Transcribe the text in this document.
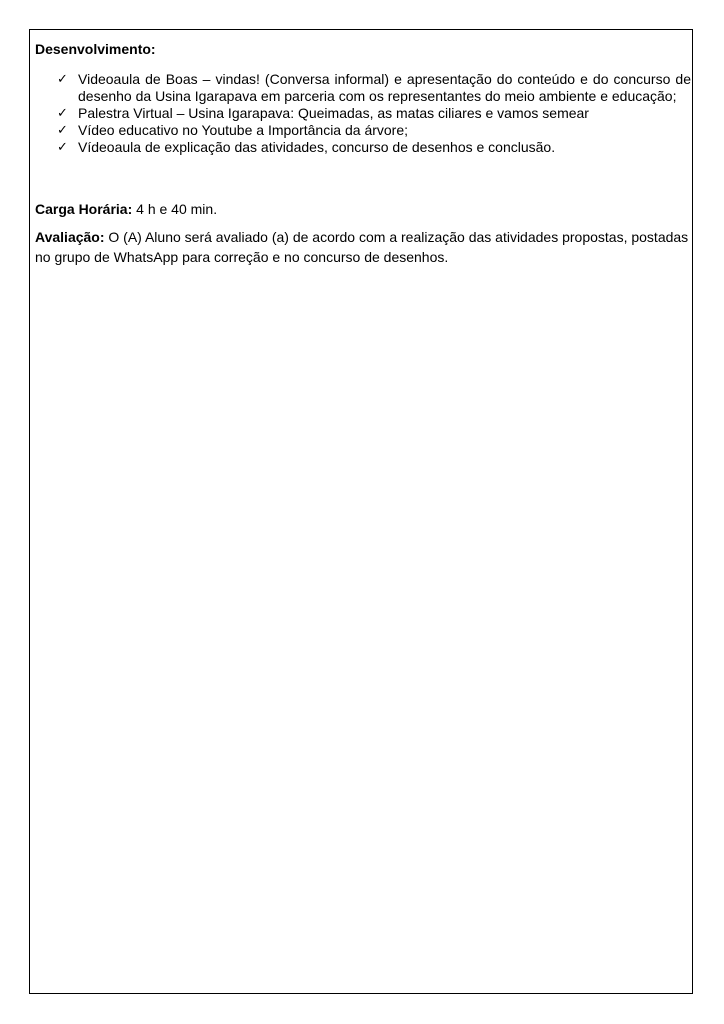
Desenvolvimento:

✓ Videoaula de Boas – vindas! (Conversa informal) e apresentação do conteúdo e do concurso de desenho da Usina Igarapava em parceria com os representantes do meio ambiente e educação;
✓ Palestra Virtual – Usina Igarapava: Queimadas, as matas ciliares e vamos semear
✓ Vídeo educativo no Youtube a Importância da árvore;
✓ Vídeoaula de explicação das atividades, concurso de desenhos e conclusão.

Carga Horária: 4 h e 40 min.

Avaliação: O (A) Aluno será avaliado (a) de acordo com a realização das atividades propostas, postadas no grupo de WhatsApp para correção e no concurso de desenhos.
